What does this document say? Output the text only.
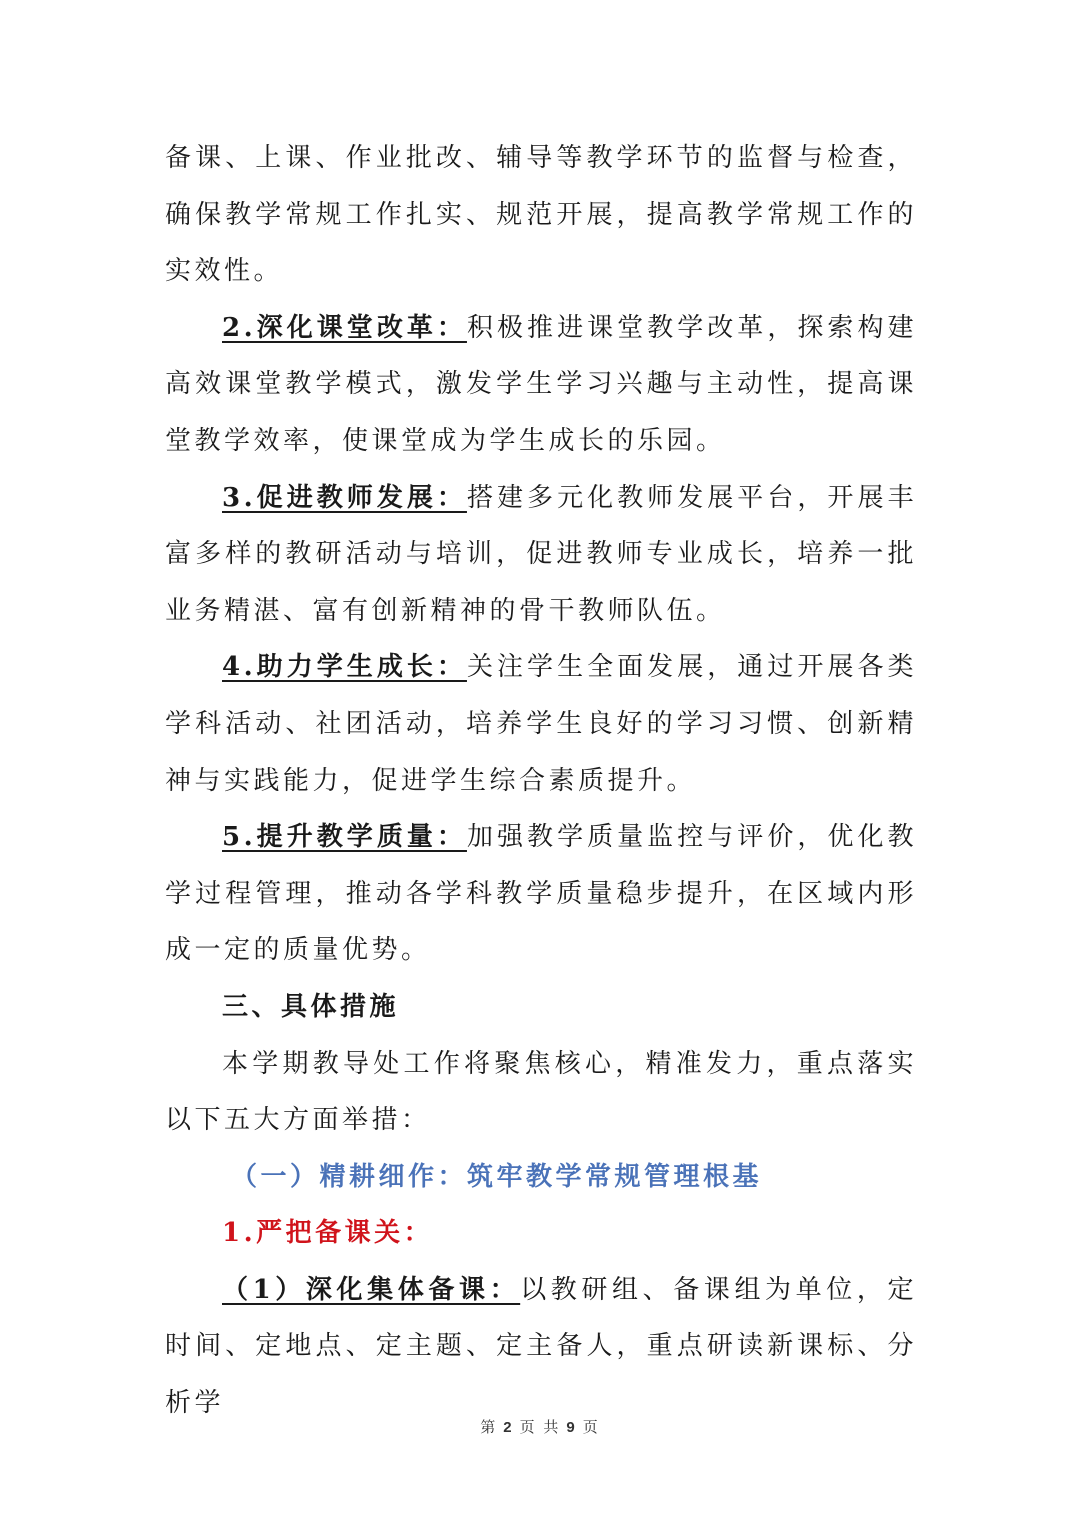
备课、上课、作业批改、辅导等教学环节的监督与检查，确保教学常规工作扎实、规范开展，提高教学常规工作的实效性。

2.深化课堂改革：积极推进课堂教学改革，探索构建高效课堂教学模式，激发学生学习兴趣与主动性，提高课堂教学效率，使课堂成为学生成长的乐园。

3.促进教师发展：搭建多元化教师发展平台，开展丰富多样的教研活动与培训，促进教师专业成长，培养一批业务精湛、富有创新精神的骨干教师队伍。

4.助力学生成长：关注学生全面发展，通过开展各类学科活动、社团活动，培养学生良好的学习习惯、创新精神与实践能力，促进学生综合素质提升。

5.提升教学质量：加强教学质量监控与评价，优化教学过程管理，推动各学科教学质量稳步提升，在区域内形成一定的质量优势。

三、具体措施

本学期教导处工作将聚焦核心，精准发力，重点落实以下五大方面举措：

（一）精耕细作：筑牢教学常规管理根基

1.严把备课关：

（1）深化集体备课：以教研组、备课组为单位，定时间、定地点、定主题、定主备人，重点研读新课标、分析学

第 2 页 共 9 页
